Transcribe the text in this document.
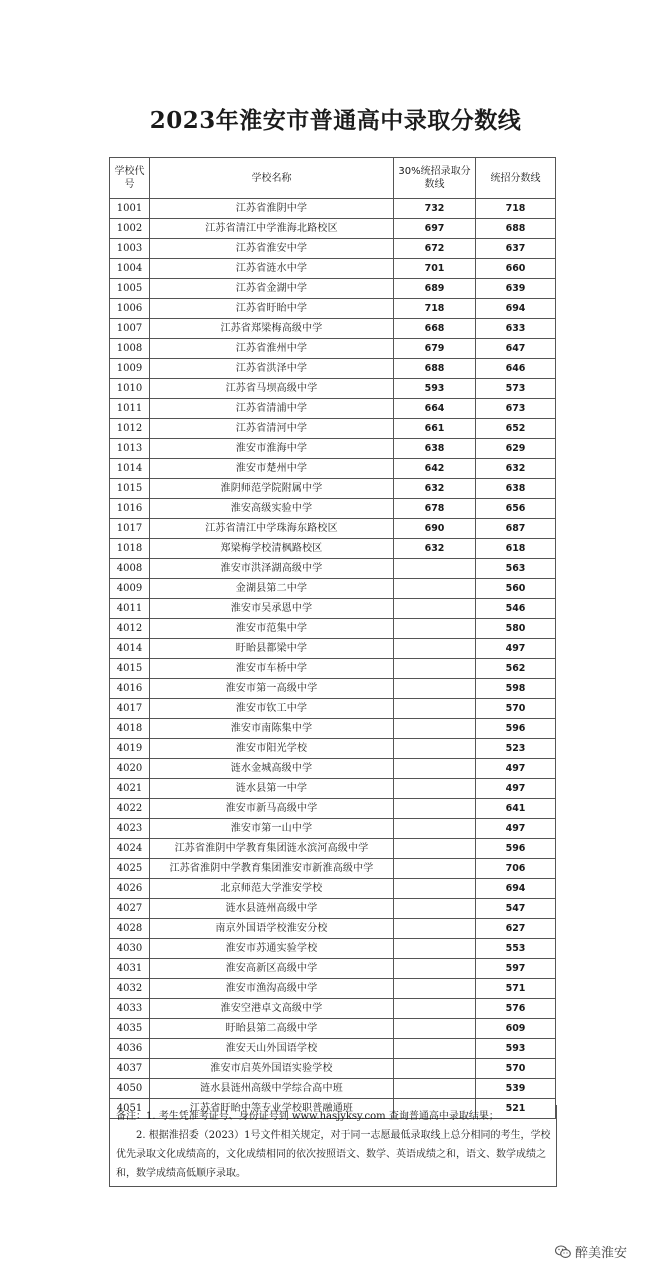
2023年淮安市普通高中录取分数线
学校代号	学校名称	30%统招录取分数线	统招分数线
1001	江苏省淮阴中学	732	718
1002	江苏省清江中学淮海北路校区	697	688
1003	江苏省淮安中学	672	637
1004	江苏省涟水中学	701	660
1005	江苏省金湖中学	689	639
1006	江苏省盱眙中学	718	694
1007	江苏省郑梁梅高级中学	668	633
1008	江苏省淮州中学	679	647
1009	江苏省洪泽中学	688	646
1010	江苏省马坝高级中学	593	573
1011	江苏省清浦中学	664	673
1012	江苏省清河中学	661	652
1013	淮安市淮海中学	638	629
1014	淮安市楚州中学	642	632
1015	淮阴师范学院附属中学	632	638
1016	淮安高级实验中学	678	656
1017	江苏省清江中学珠海东路校区	690	687
1018	郑梁梅学校清枫路校区	632	618
4008	淮安市洪泽湖高级中学		563
4009	金湖县第二中学		560
4011	淮安市吴承恩中学		546
4012	淮安市范集中学		580
4014	盱眙县都梁中学		497
4015	淮安市车桥中学		562
4016	淮安市第一高级中学		598
4017	淮安市钦工中学		570
4018	淮安市南陈集中学		596
4019	淮安市阳光学校		523
4020	涟水金城高级中学		497
4021	涟水县第一中学		497
4022	淮安市新马高级中学		641
4023	淮安市第一山中学		497
4024	江苏省淮阴中学教育集团涟水滨河高级中学		596
4025	江苏省淮阴中学教育集团淮安市新淮高级中学		706
4026	北京师范大学淮安学校		694
4027	涟水县涟州高级中学		547
4028	南京外国语学校淮安分校		627
4030	淮安市苏通实验学校		553
4031	淮安高新区高级中学		597
4032	淮安市渔沟高级中学		571
4033	淮安空港卓文高级中学		576
4035	盱眙县第二高级中学		609
4036	淮安天山外国语学校		593
4037	淮安市启英外国语实验学校		570
4050	涟水县涟州高级中学综合高中班		539
4051	江苏省盱眙中等专业学校职普融通班		521

备注：1. 考生凭准考证号、身份证号到 www.hasjyksy.com 查询普通高中录取结果；

　　2. 根据淮招委（2023）1号文件相关规定，对于同一志愿最低录取线上总分相同的考生，学校优先录取文化成绩高的，文化成绩相同的依次按照语文、数学、英语成绩之和，语文、数学成绩之和，数学成绩高低顺序录取。

醉美淮安
